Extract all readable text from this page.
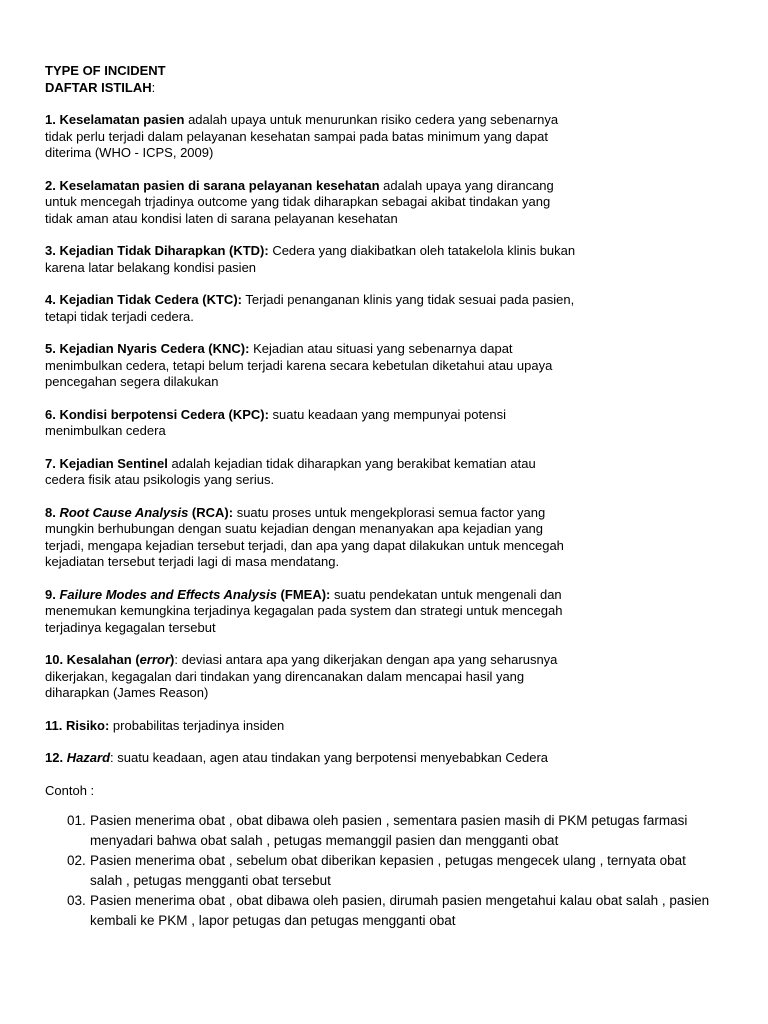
TYPE OF INCIDENT
DAFTAR ISTILAH:
1. Keselamatan pasien adalah upaya untuk menurunkan risiko cedera yang sebenarnya tidak perlu terjadi dalam pelayanan kesehatan sampai pada batas minimum yang dapat diterima (WHO - ICPS, 2009)
2. Keselamatan pasien di sarana pelayanan kesehatan adalah upaya yang dirancang untuk mencegah trjadinya outcome yang tidak diharapkan sebagai akibat tindakan yang tidak aman atau kondisi laten di sarana pelayanan kesehatan
3. Kejadian Tidak Diharapkan (KTD): Cedera yang diakibatkan oleh tatakelola klinis bukan karena latar belakang kondisi pasien
4. Kejadian Tidak Cedera (KTC): Terjadi penanganan klinis yang tidak sesuai pada pasien, tetapi tidak terjadi cedera.
5. Kejadian Nyaris Cedera (KNC): Kejadian atau situasi yang sebenarnya dapat menimbulkan cedera, tetapi belum terjadi karena secara kebetulan diketahui atau upaya pencegahan segera dilakukan
6. Kondisi berpotensi Cedera (KPC): suatu keadaan yang mempunyai potensi menimbulkan cedera
7. Kejadian Sentinel adalah kejadian tidak diharapkan yang berakibat kematian atau cedera fisik atau psikologis yang serius.
8. Root Cause Analysis (RCA): suatu proses untuk mengekplorasi semua factor yang mungkin berhubungan dengan suatu kejadian dengan menanyakan apa kejadian yang terjadi, mengapa kejadian tersebut terjadi, dan apa yang dapat dilakukan untuk mencegah kejadiatan tersebut terjadi lagi di masa mendatang.
9. Failure Modes and Effects Analysis (FMEA): suatu pendekatan untuk mengenali dan menemukan kemungkina terjadinya kegagalan pada system dan strategi untuk mencegah terjadinya kegagalan tersebut
10. Kesalahan (error): deviasi antara apa yang dikerjakan dengan apa yang seharusnya dikerjakan, kegagalan dari tindakan yang direncanakan dalam mencapai hasil yang diharapkan (James Reason)
11. Risiko: probabilitas terjadinya insiden
12. Hazard: suatu keadaan, agen atau tindakan yang berpotensi menyebabkan Cedera
Contoh :
01. Pasien menerima obat , obat dibawa oleh pasien , sementara pasien masih di PKM petugas farmasi menyadari bahwa obat salah , petugas memanggil pasien dan mengganti obat
02. Pasien menerima obat , sebelum obat diberikan kepasien , petugas mengecek ulang , ternyata obat salah , petugas mengganti obat tersebut
03. Pasien menerima obat , obat dibawa oleh pasien, dirumah pasien mengetahui kalau obat salah , pasien kembali ke PKM , lapor petugas dan petugas mengganti obat
